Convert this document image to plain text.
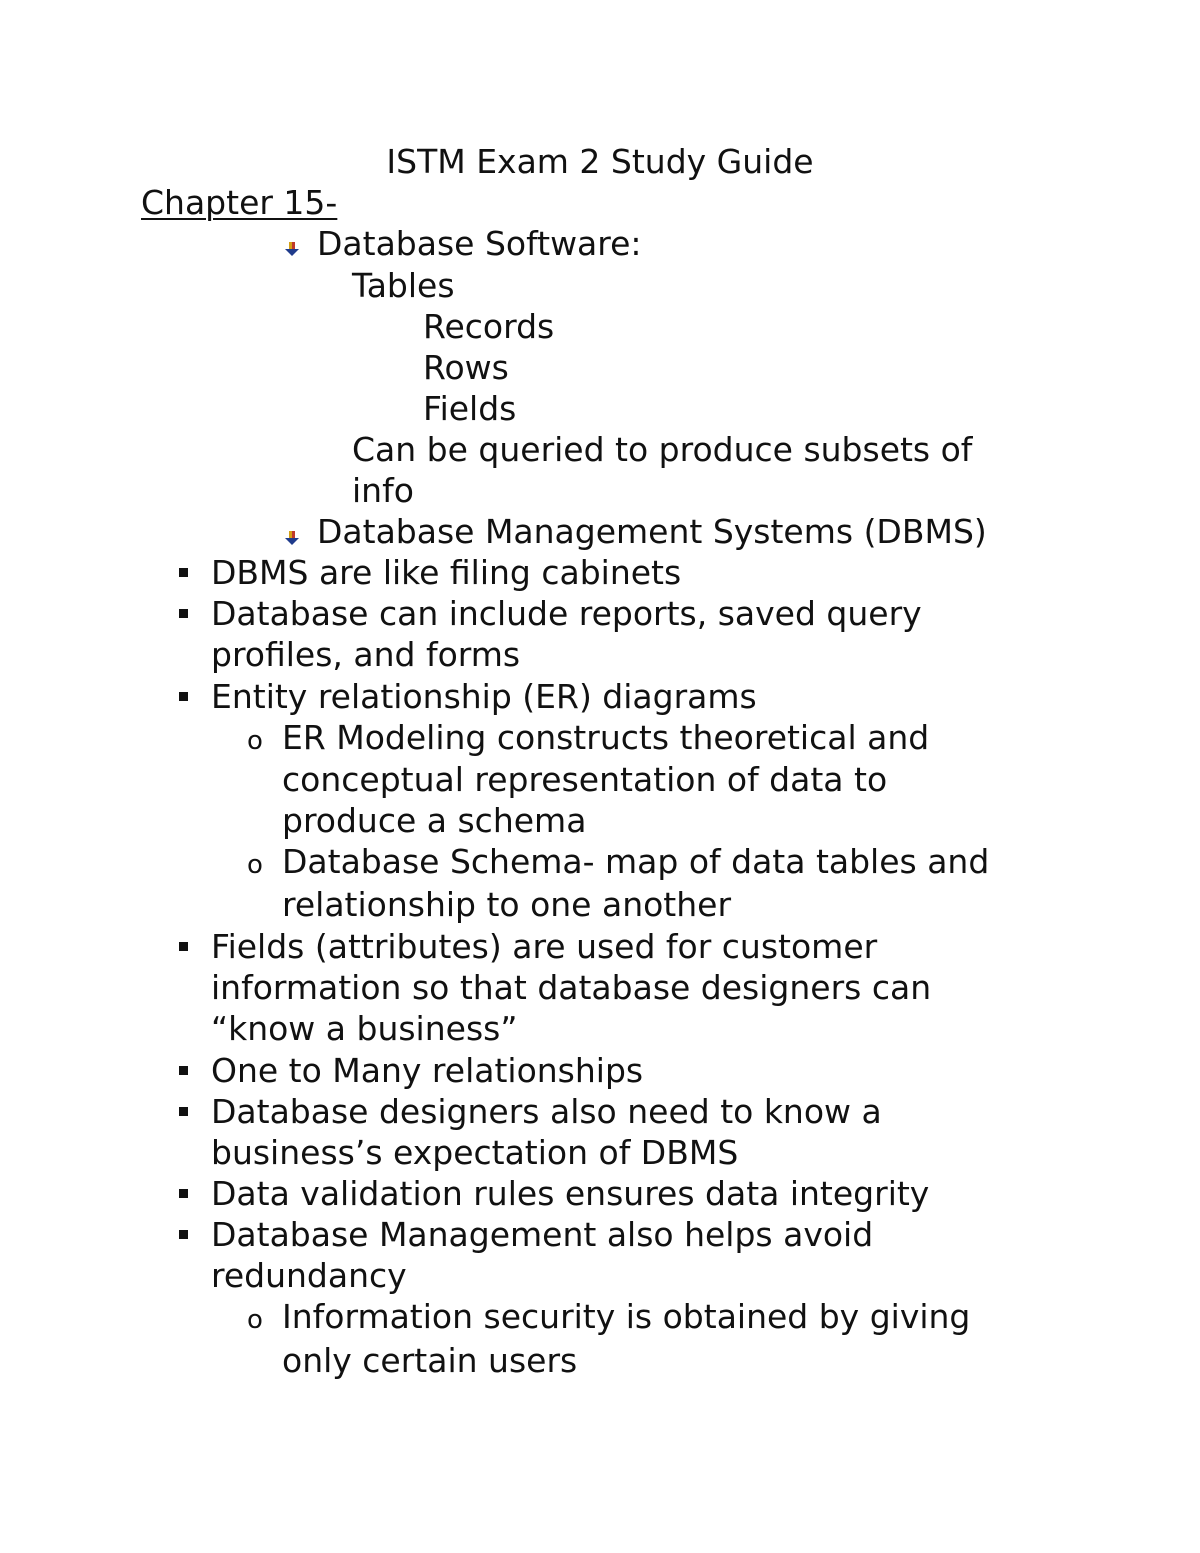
ISTM Exam 2 Study Guide
Chapter 15-
Database Software:
Tables
Records
Rows
Fields
Can be queried to produce subsets of
info
Database Management Systems (DBMS)
DBMS are like filing cabinets
Database can include reports, saved query
profiles, and forms
Entity relationship (ER) diagrams
o ER Modeling constructs theoretical and
conceptual representation of data to
produce a schema
o Database Schema- map of data tables and
relationship to one another
Fields (attributes) are used for customer
information so that database designers can
“know a business”
One to Many relationships
Database designers also need to know a
business’s expectation of DBMS
Data validation rules ensures data integrity
Database Management also helps avoid
redundancy
o Information security is obtained by giving
only certain users
